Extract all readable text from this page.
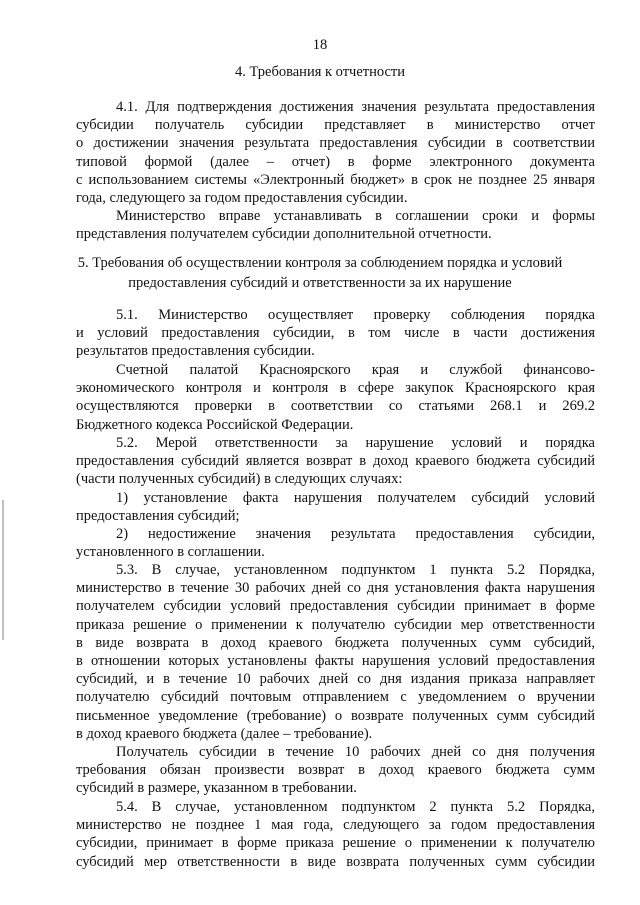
18
4. Требования к отчетности
4.1. Для подтверждения достижения значения результата предоставления
субсидии получатель субсидии представляет в министерство отчет
о достижении значения результата предоставления субсидии в соответствии
типовой формой (далее – отчет) в форме электронного документа
с использованием системы «Электронный бюджет» в срок не позднее 25 января
года, следующего за годом предоставления субсидии.
Министерство вправе устанавливать в соглашении сроки и формы
представления получателем субсидии дополнительной отчетности.
5. Требования об осуществлении контроля за соблюдением порядка и условий
предоставления субсидий и ответственности за их нарушение
5.1. Министерство осуществляет проверку соблюдения порядка
и условий предоставления субсидии, в том числе в части достижения
результатов предоставления субсидии.
Счетной палатой Красноярского края и службой финансово-
экономического контроля и контроля в сфере закупок Красноярского края
осуществляются проверки в соответствии со статьями 268.1 и 269.2
Бюджетного кодекса Российской Федерации.
5.2. Мерой ответственности за нарушение условий и порядка
предоставления субсидий является возврат в доход краевого бюджета субсидий
(части полученных субсидий) в следующих случаях:
1) установление факта нарушения получателем субсидий условий
предоставления субсидий;
2) недостижение значения результата предоставления субсидии,
установленного в соглашении.
5.3. В случае, установленном подпунктом 1 пункта 5.2 Порядка,
министерство в течение 30 рабочих дней со дня установления факта нарушения
получателем субсидии условий предоставления субсидии принимает в форме
приказа решение о применении к получателю субсидии мер ответственности
в виде возврата в доход краевого бюджета полученных сумм субсидий,
в отношении которых установлены факты нарушения условий предоставления
субсидий, и в течение 10 рабочих дней со дня издания приказа направляет
получателю субсидий почтовым отправлением с уведомлением о вручении
письменное уведомление (требование) о возврате полученных сумм субсидий
в доход краевого бюджета (далее – требование).
Получатель субсидии в течение 10 рабочих дней со дня получения
требования обязан произвести возврат в доход краевого бюджета сумм
субсидий в размере, указанном в требовании.
5.4. В случае, установленном подпунктом 2 пункта 5.2 Порядка,
министерство не позднее 1 мая года, следующего за годом предоставления
субсидии, принимает в форме приказа решение о применении к получателю
субсидий мер ответственности в виде возврата полученных сумм субсидии
